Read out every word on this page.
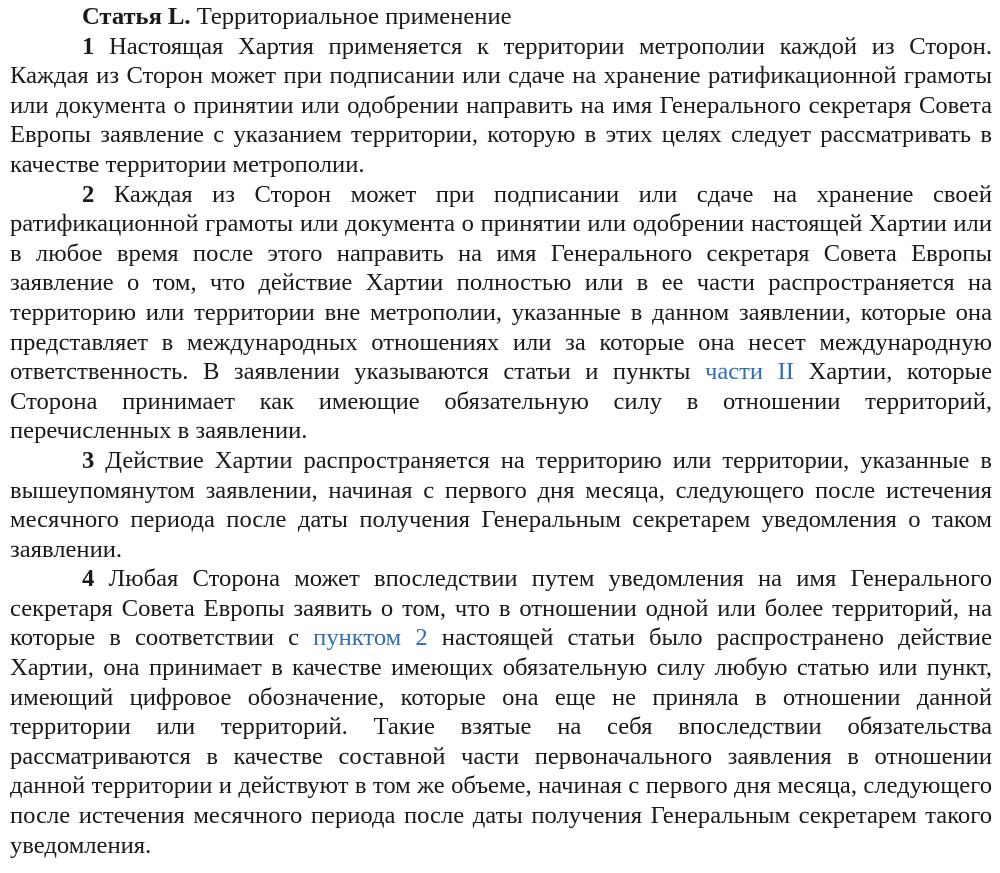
Статья L. Территориальное применение

1 Настоящая Хартия применяется к территории метрополии каждой из Сторон. Каждая из Сторон может при подписании или сдаче на хранение ратификационной грамоты или документа о принятии или одобрении направить на имя Генерального секретаря Совета Европы заявление с указанием территории, которую в этих целях следует рассматривать в качестве территории метрополии.

2 Каждая из Сторон может при подписании или сдаче на хранение своей ратификационной грамоты или документа о принятии или одобрении настоящей Хартии или в любое время после этого направить на имя Генерального секретаря Совета Европы заявление о том, что действие Хартии полностью или в ее части распространяется на территорию или территории вне метрополии, указанные в данном заявлении, которые она представляет в международных отношениях или за которые она несет международную ответственность. В заявлении указываются статьи и пункты части II Хартии, которые Сторона принимает как имеющие обязательную силу в отношении территорий, перечисленных в заявлении.

3 Действие Хартии распространяется на территорию или территории, указанные в вышеупомянутом заявлении, начиная с первого дня месяца, следующего после истечения месячного периода после даты получения Генеральным секретарем уведомления о таком заявлении.

4 Любая Сторона может впоследствии путем уведомления на имя Генерального секретаря Совета Европы заявить о том, что в отношении одной или более территорий, на которые в соответствии с пунктом 2 настоящей статьи было распространено действие Хартии, она принимает в качестве имеющих обязательную силу любую статью или пункт, имеющий цифровое обозначение, которые она еще не приняла в отношении данной территории или территорий. Такие взятые на себя впоследствии обязательства рассматриваются в качестве составной части первоначального заявления в отношении данной территории и действуют в том же объеме, начиная с первого дня месяца, следующего после истечения месячного периода после даты получения Генеральным секретарем такого уведомления.
